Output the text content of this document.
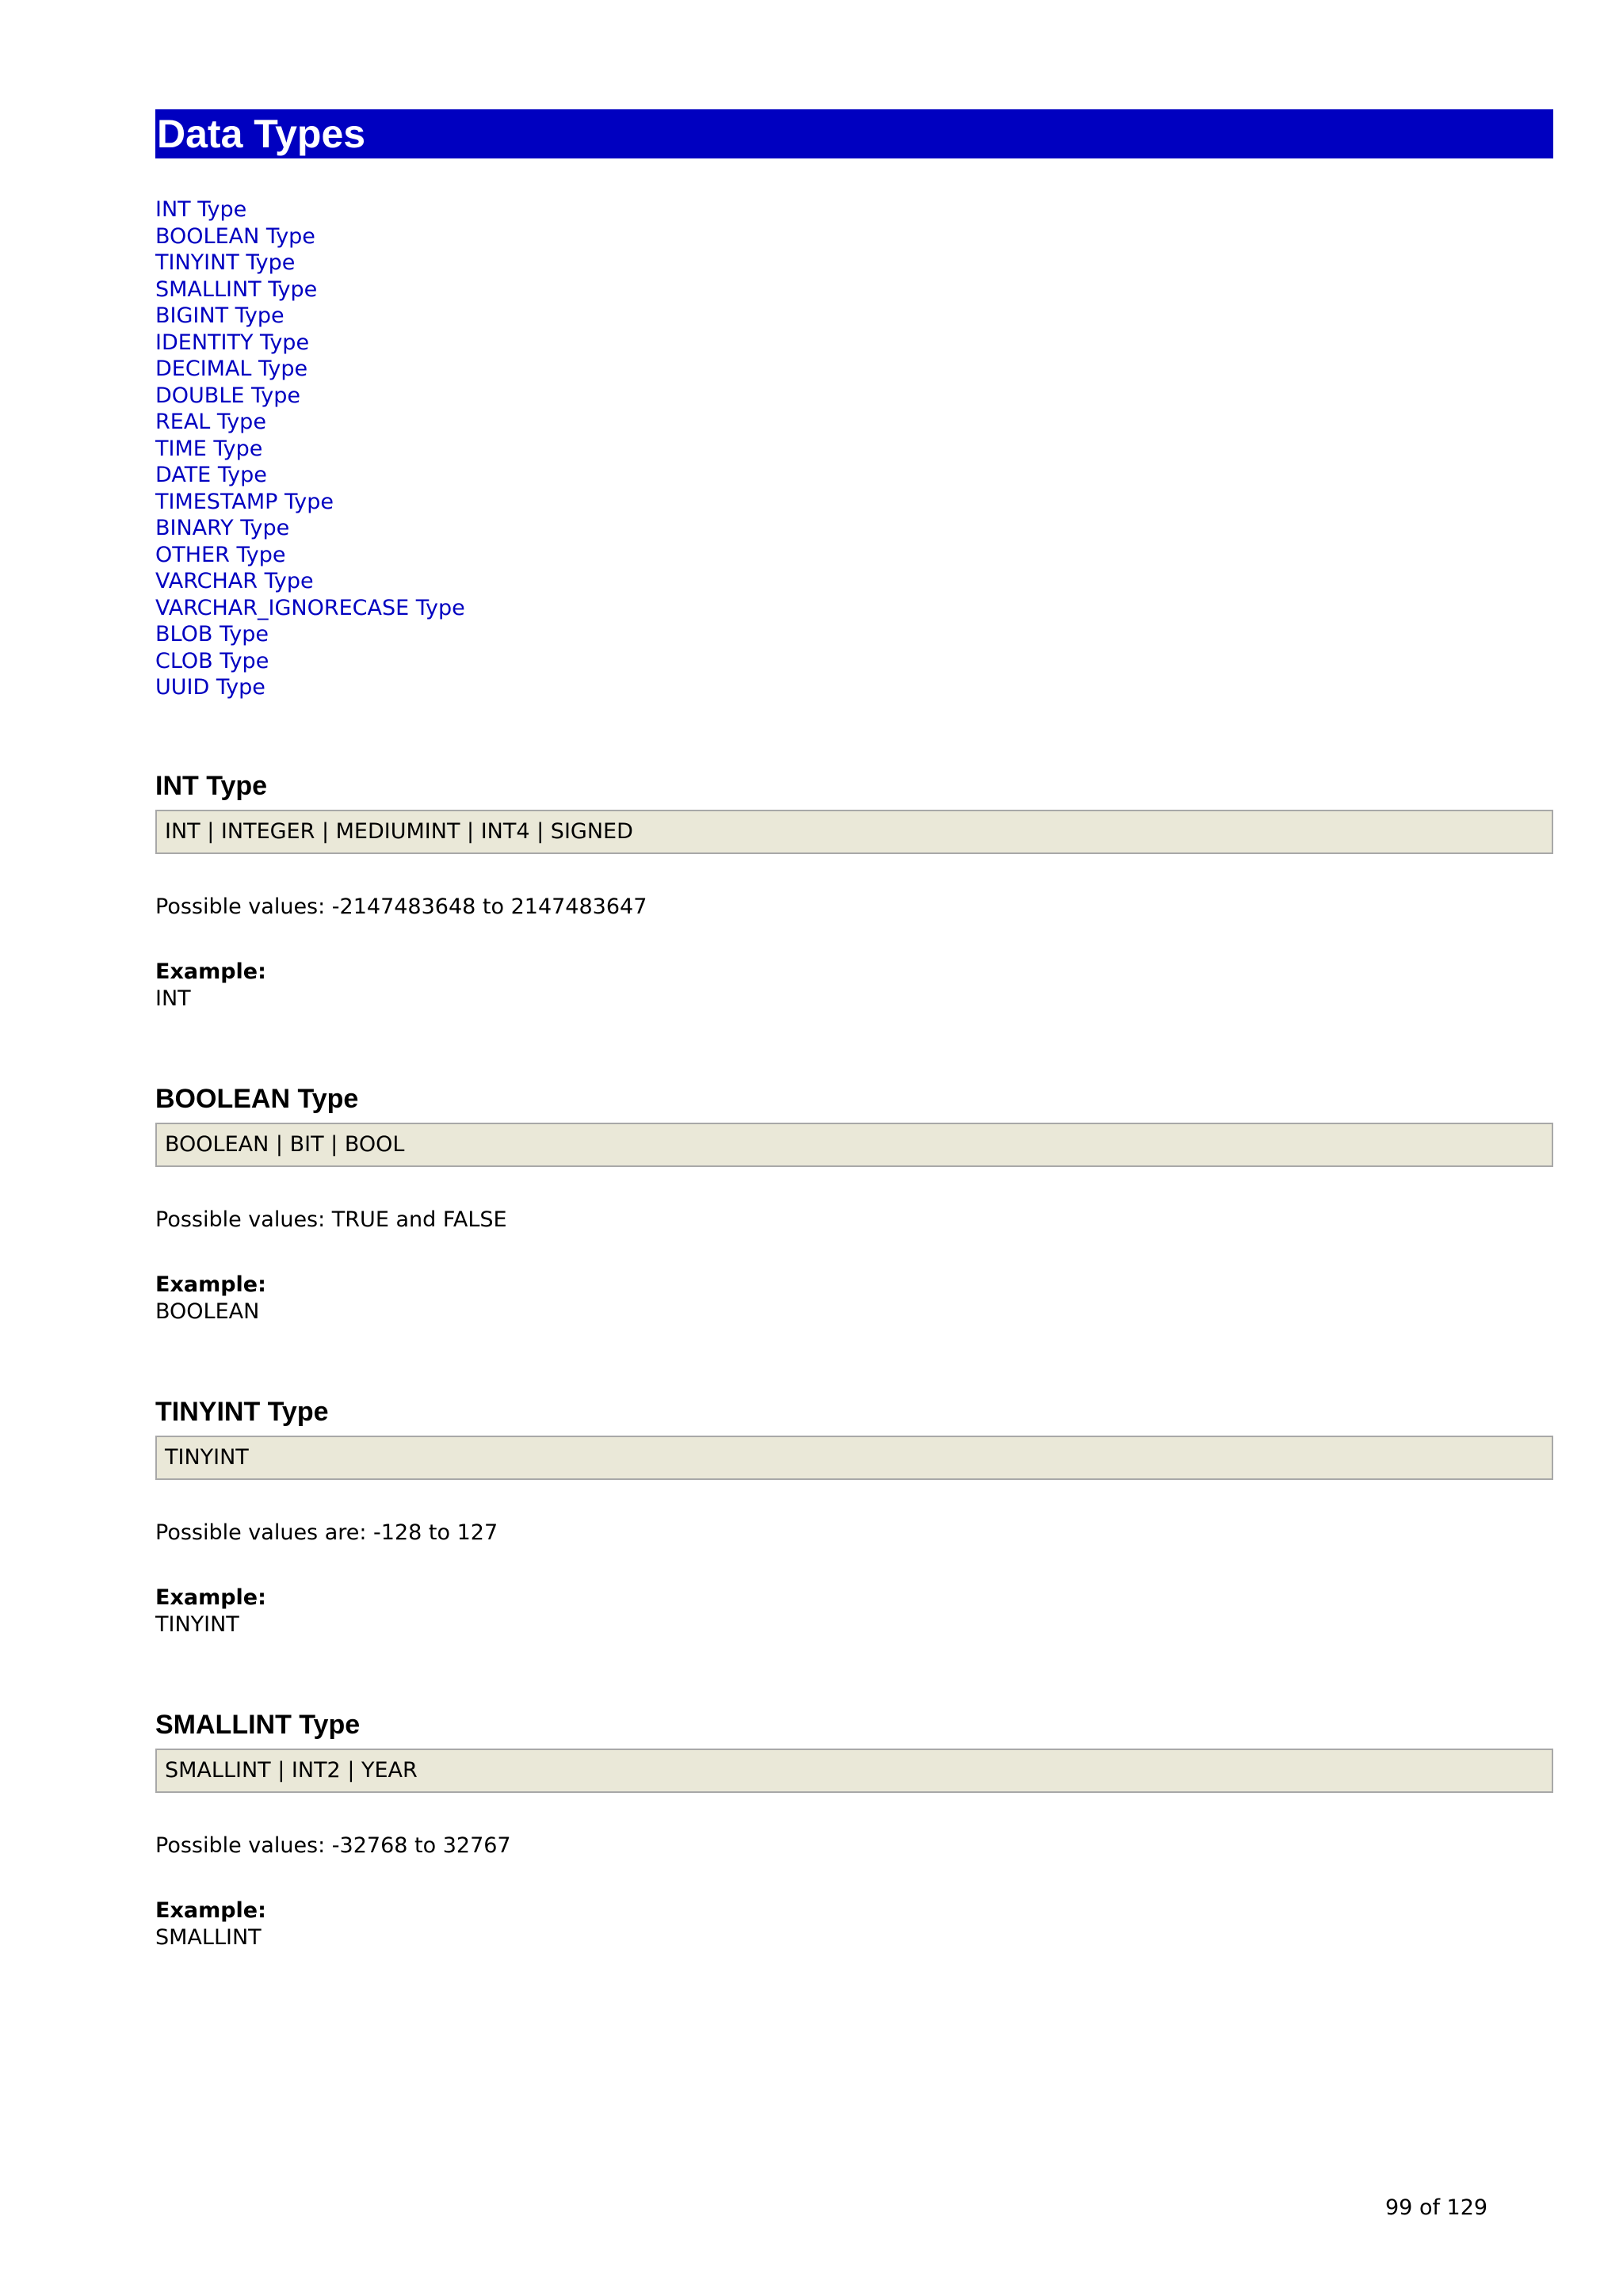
Data Types
INT Type
BOOLEAN Type
TINYINT Type
SMALLINT Type
BIGINT Type
IDENTITY Type
DECIMAL Type
DOUBLE Type
REAL Type
TIME Type
DATE Type
TIMESTAMP Type
BINARY Type
OTHER Type
VARCHAR Type
VARCHAR_IGNORECASE Type
BLOB Type
CLOB Type
UUID Type
INT Type
INT | INTEGER | MEDIUMINT | INT4 | SIGNED
Possible values: -2147483648 to 2147483647
Example:
INT
BOOLEAN Type
BOOLEAN | BIT | BOOL
Possible values: TRUE and FALSE
Example:
BOOLEAN
TINYINT Type
TINYINT
Possible values are: -128 to 127
Example:
TINYINT
SMALLINT Type
SMALLINT | INT2 | YEAR
Possible values: -32768 to 32767
Example:
SMALLINT
99 of 129
